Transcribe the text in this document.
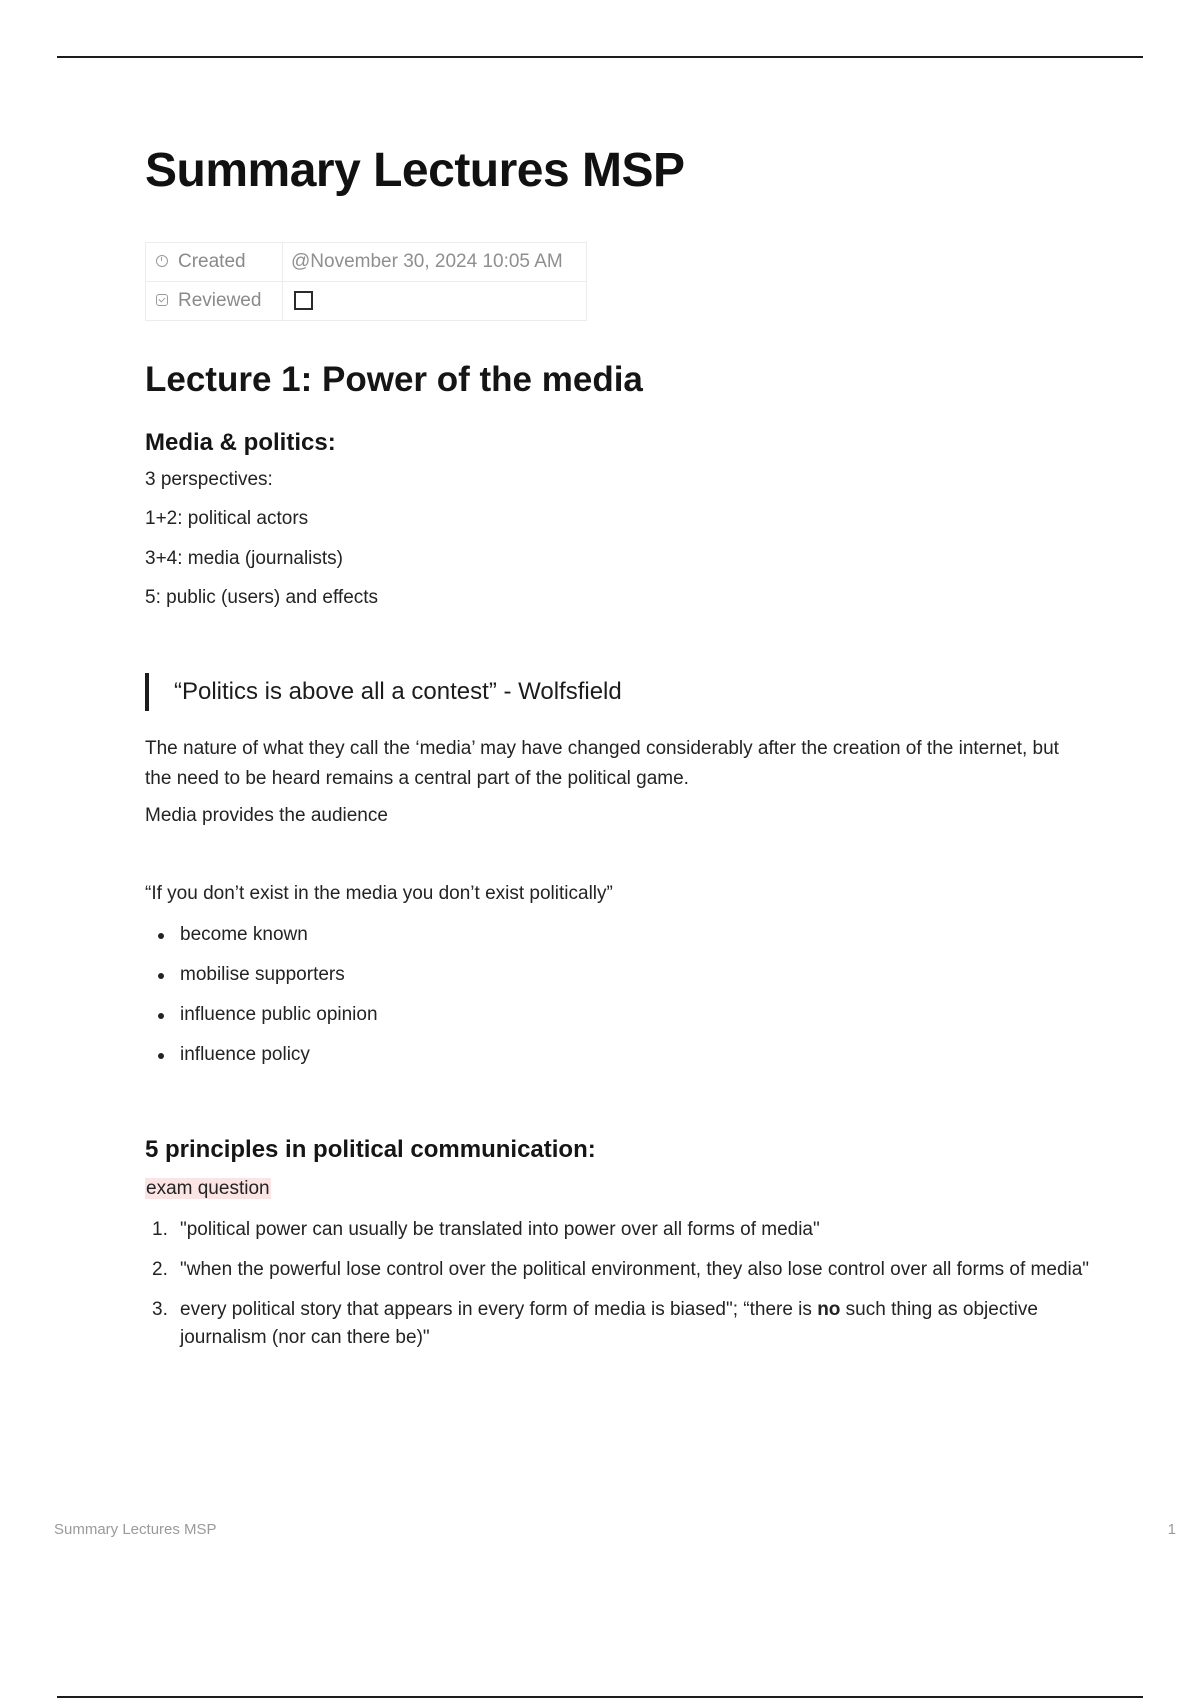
Summary Lectures MSP
Created	@November 30, 2024 10:05 AM
Reviewed	
Lecture 1: Power of the media
Media & politics:

3 perspectives:

1+2: political actors

3+4: media (journalists)

5: public (users) and effects

“Politics is above all a contest” - Wolfsfield

The nature of what they call the ‘media’ may have changed considerably after the creation of the internet, but the need to be heard remains a central part of the political game.

Media provides the audience

“If you don’t exist in the media you don’t exist politically”

become known
mobilise supporters
influence public opinion
influence policy
5 principles in political communication:

exam question

1. "political power can usually be translated into power over all forms of media"
2. "when the powerful lose control over the political environment, they also lose control over all forms of media"
3. every political story that appears in every form of media is biased"; “there is no such thing as objective journalism (nor can there be)"
Summary Lectures MSP	1
